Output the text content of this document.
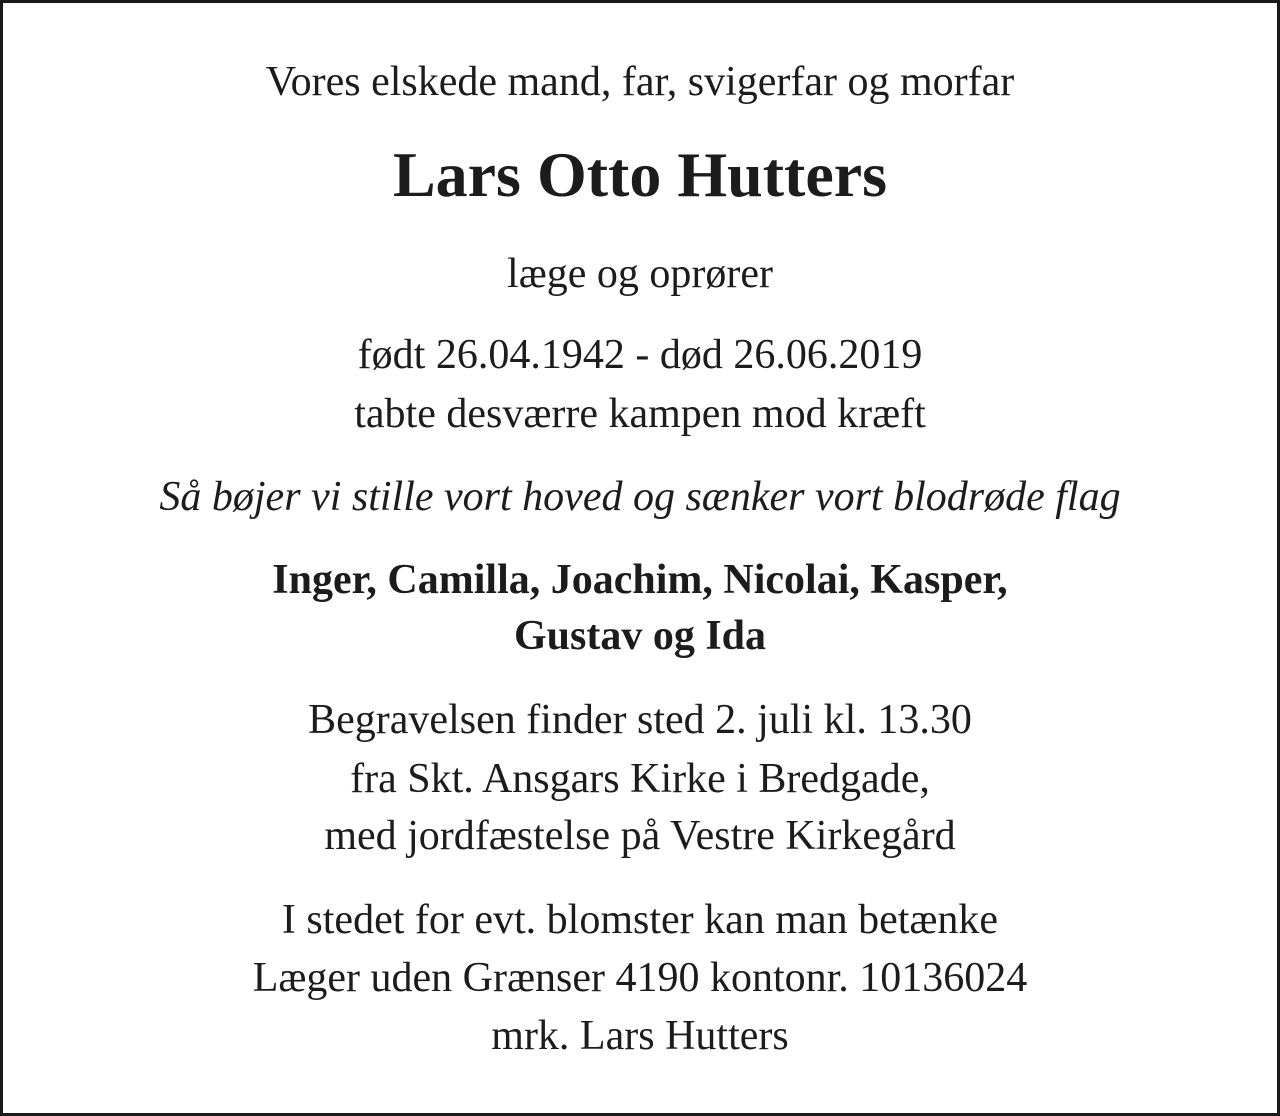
Vores elskede mand, far, svigerfar og morfar
Lars Otto Hutters
læge og oprører
født 26.04.1942 - død 26.06.2019
tabte desværre kampen mod kræft
Så bøjer vi stille vort hoved og sænker vort blodrøde flag
Inger, Camilla, Joachim, Nicolai, Kasper,
Gustav og Ida
Begravelsen finder sted 2. juli kl. 13.30
fra Skt. Ansgars Kirke i Bredgade,
med jordfæstelse på Vestre Kirkegård
I stedet for evt. blomster kan man betænke
Læger uden Grænser 4190 kontonr. 10136024
mrk. Lars Hutters
